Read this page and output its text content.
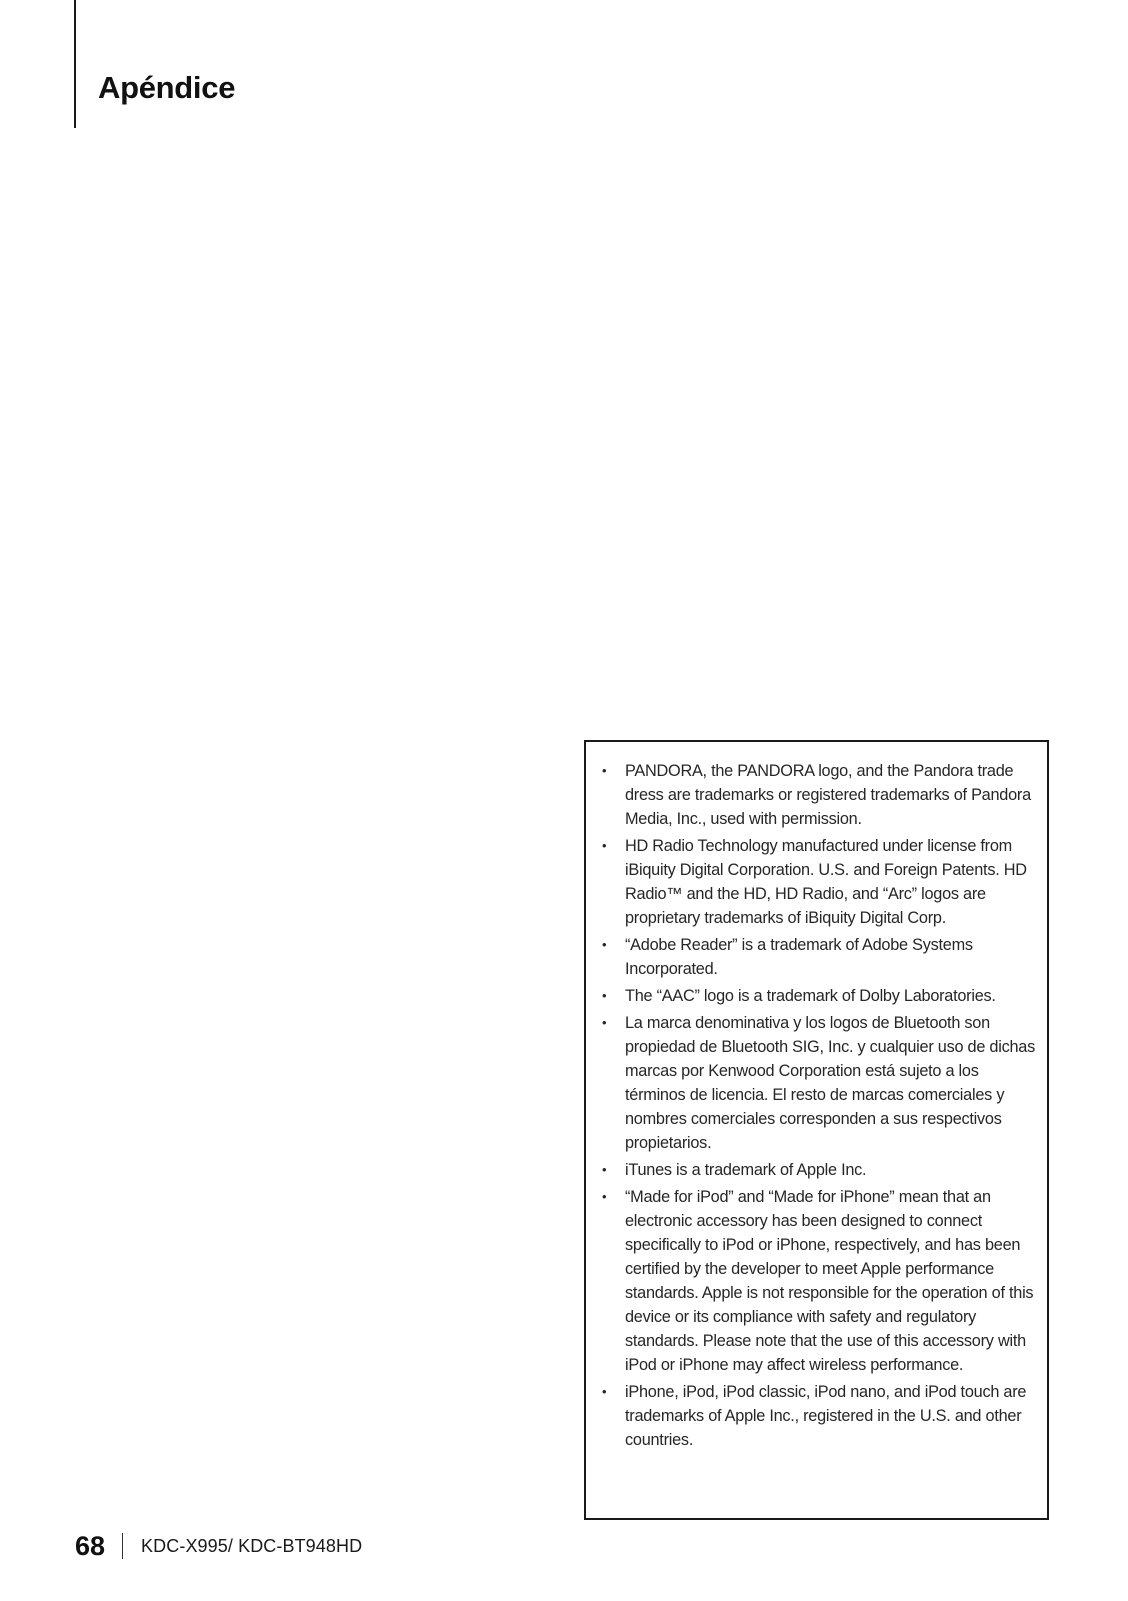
Apéndice
• PANDORA, the PANDORA logo, and the Pandora trade dress are trademarks or registered trademarks of Pandora Media, Inc., used with permission.
• HD Radio Technology manufactured under license from iBiquity Digital Corporation. U.S. and Foreign Patents. HD Radio™ and the HD, HD Radio, and “Arc” logos are proprietary trademarks of iBiquity Digital Corp.
• “Adobe Reader” is a trademark of Adobe Systems Incorporated.
• The “AAC” logo is a trademark of Dolby Laboratories.
• La marca denominativa y los logos de Bluetooth son propiedad de Bluetooth SIG, Inc. y cualquier uso de dichas marcas por Kenwood Corporation está sujeto a los términos de licencia. El resto de marcas comerciales y nombres comerciales corresponden a sus respectivos propietarios.
• iTunes is a trademark of Apple Inc.
• “Made for iPod” and “Made for iPhone” mean that an electronic accessory has been designed to connect specifically to iPod or iPhone, respectively, and has been certified by the developer to meet Apple performance standards. Apple is not responsible for the operation of this device or its compliance with safety and regulatory standards. Please note that the use of this accessory with iPod or iPhone may affect wireless performance.
• iPhone, iPod, iPod classic, iPod nano, and iPod touch are trademarks of Apple Inc., registered in the U.S. and other countries.
68 KDC-X995/ KDC-BT948HD
